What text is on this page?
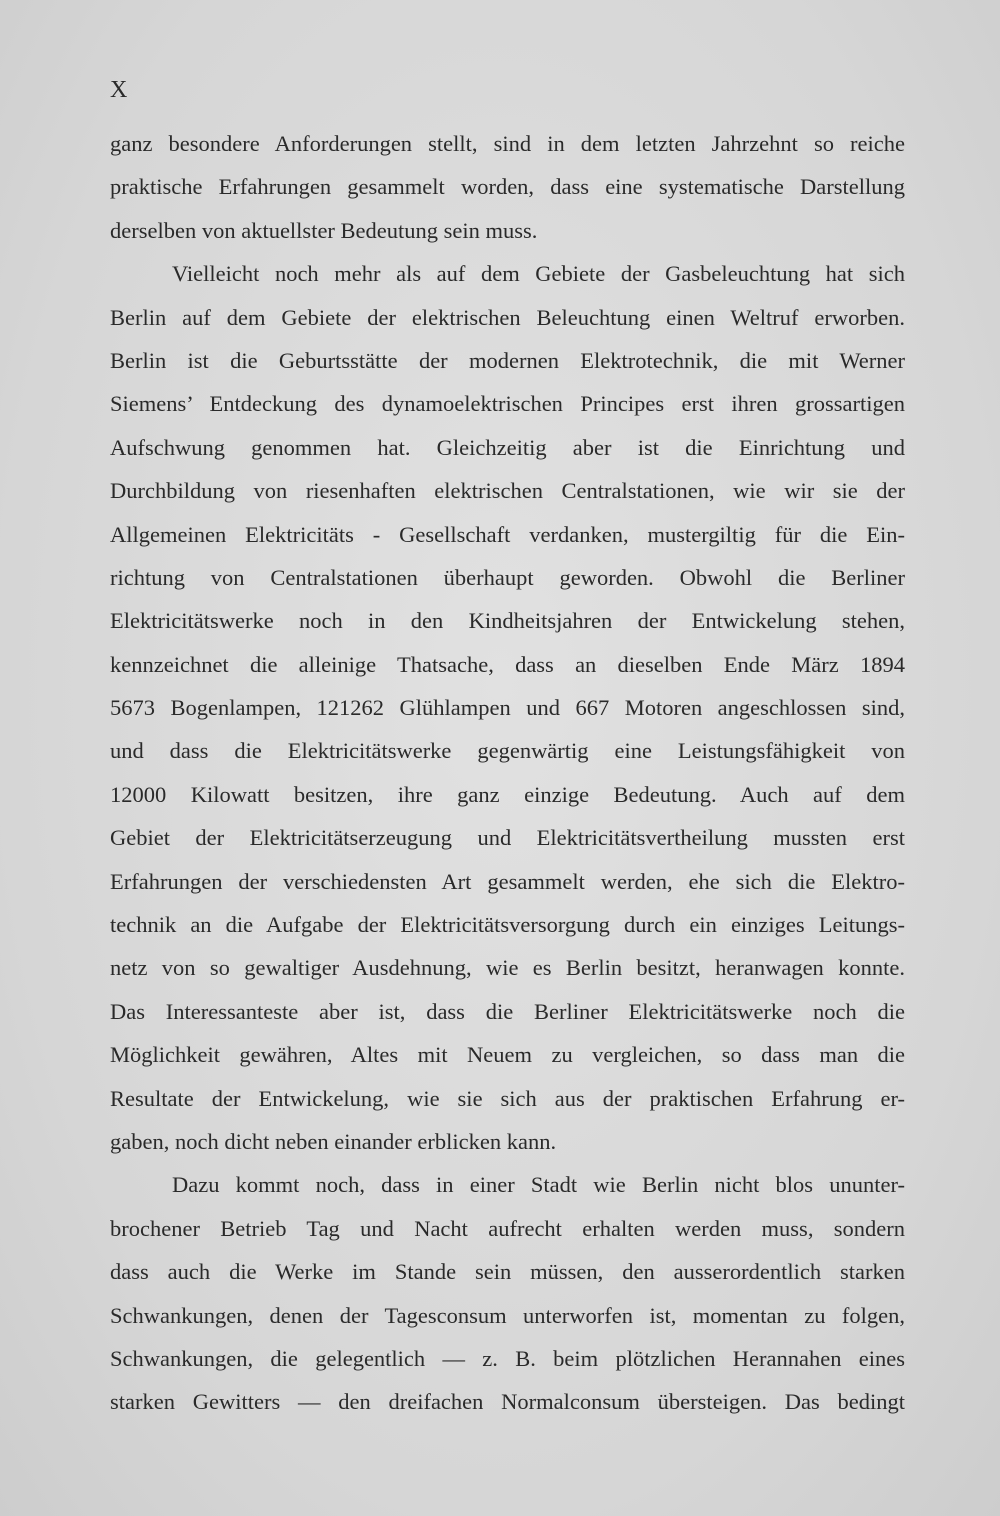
X
ganz besondere Anforderungen stellt, sind in dem letzten Jahrzehnt so reiche
praktische Erfahrungen gesammelt worden, dass eine systematische Darstellung
derselben von aktuellster Bedeutung sein muss.
Vielleicht noch mehr als auf dem Gebiete der Gasbeleuchtung hat sich
Berlin auf dem Gebiete der elektrischen Beleuchtung einen Weltruf erworben.
Berlin ist die Geburtsstätte der modernen Elektrotechnik, die mit Werner
Siemens’ Entdeckung des dynamoelektrischen Principes erst ihren grossartigen
Aufschwung genommen hat. Gleichzeitig aber ist die Einrichtung und
Durchbildung von riesenhaften elektrischen Centralstationen, wie wir sie der
Allgemeinen Elektricitäts - Gesellschaft verdanken, mustergiltig für die Ein-
richtung von Centralstationen überhaupt geworden. Obwohl die Berliner
Elektricitätswerke noch in den Kindheitsjahren der Entwickelung stehen,
kennzeichnet die alleinige Thatsache, dass an dieselben Ende März 1894
5673 Bogenlampen, 121262 Glühlampen und 667 Motoren angeschlossen sind,
und dass die Elektricitätswerke gegenwärtig eine Leistungsfähigkeit von
12000 Kilowatt besitzen, ihre ganz einzige Bedeutung. Auch auf dem
Gebiet der Elektricitätserzeugung und Elektricitätsvertheilung mussten erst
Erfahrungen der verschiedensten Art gesammelt werden, ehe sich die Elektro-
technik an die Aufgabe der Elektricitätsversorgung durch ein einziges Leitungs-
netz von so gewaltiger Ausdehnung, wie es Berlin besitzt, heranwagen konnte.
Das Interessanteste aber ist, dass die Berliner Elektricitätswerke noch die
Möglichkeit gewähren, Altes mit Neuem zu vergleichen, so dass man die
Resultate der Entwickelung, wie sie sich aus der praktischen Erfahrung er-
gaben, noch dicht neben einander erblicken kann.
Dazu kommt noch, dass in einer Stadt wie Berlin nicht blos ununter-
brochener Betrieb Tag und Nacht aufrecht erhalten werden muss, sondern
dass auch die Werke im Stande sein müssen, den ausserordentlich starken
Schwankungen, denen der Tagesconsum unterworfen ist, momentan zu folgen,
Schwankungen, die gelegentlich — z. B. beim plötzlichen Herannahen eines
starken Gewitters — den dreifachen Normalconsum übersteigen. Das bedingt
